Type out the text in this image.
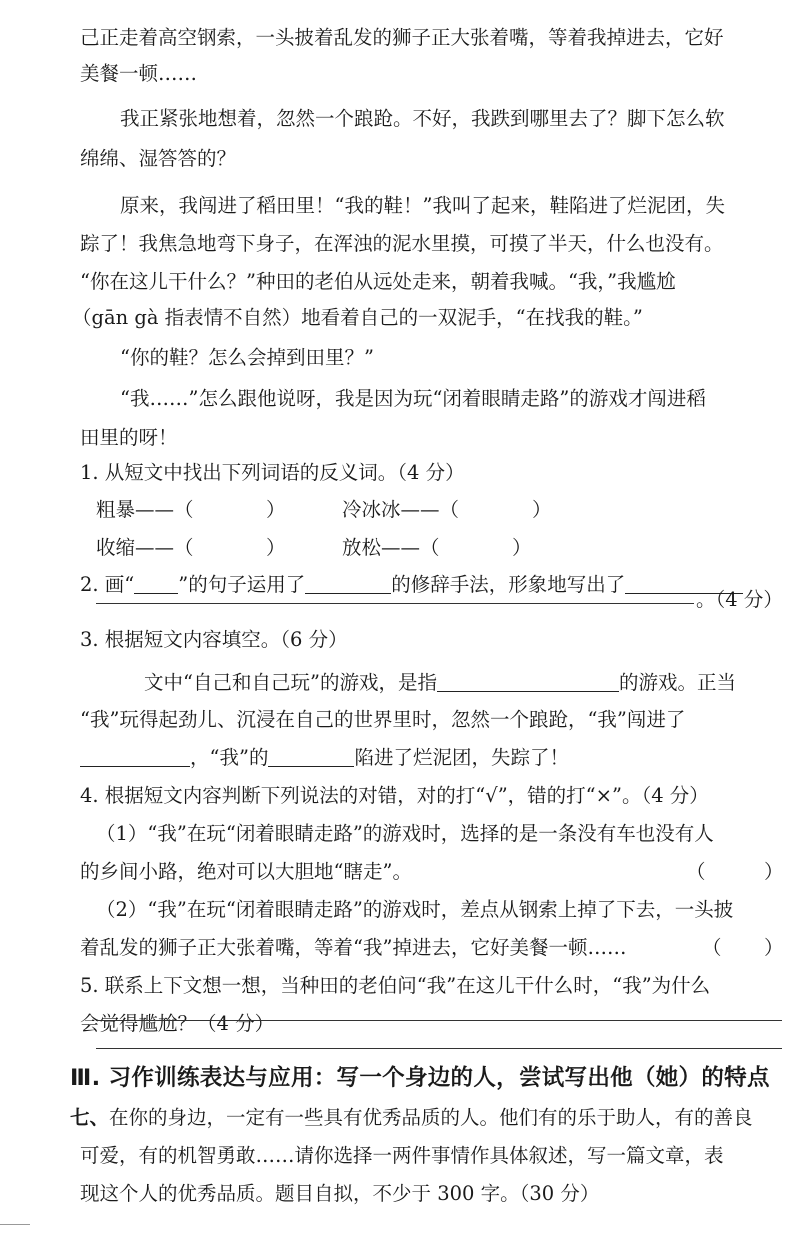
己正走着高空钢索，一头披着乱发的狮子正大张着嘴，等着我掉进去，它好
美餐一顿……
我正紧张地想着，忽然一个踉跄。不好，我跌到哪里去了？脚下怎么软
绵绵、湿答答的？
原来，我闯进了稻田里！“我的鞋！”我叫了起来，鞋陷进了烂泥团，失
踪了！我焦急地弯下身子，在浑浊的泥水里摸，可摸了半天，什么也没有。
“你在这儿干什么？”种田的老伯从远处走来，朝着我喊。“我，”我尴尬
（gān gà 指表情不自然）地看着自己的一双泥手，“在找我的鞋。”
“你的鞋？怎么会掉到田里？”
“我……”怎么跟他说呀，我是因为玩“闭着眼睛走路”的游戏才闯进稻
田里的呀！
1. 从短文中找出下列词语的反义词。（4 分）
粗暴——（	）	冷冰冰——（	）
收缩——（	）	放松——（	）
2. 画“ ”的句子运用了	的修辞手法，形象地写出了
。（4 分）
3. 根据短文内容填空。（6 分）
文中“自己和自己玩”的游戏，是指	的游戏。正当
“我”玩得起劲儿、沉浸在自己的世界里时，忽然一个踉跄，“我”闯进了
，“我”的	陷进了烂泥团，失踪了！
4. 根据短文内容判断下列说法的对错，对的打“√”，错的打“×”。（4 分）
（1）“我”在玩“闭着眼睛走路”的游戏时，选择的是一条没有车也没有人
的乡间小路，绝对可以大胆地“瞎走”。	（	）
（2）“我”在玩“闭着眼睛走路”的游戏时，差点从钢索上掉了下去，一头披
着乱发的狮子正大张着嘴，等着“我”掉进去，它好美餐一顿……	（ ）
5. 联系上下文想一想，当种田的老伯问“我”在这儿干什么时，“我”为什么
会觉得尴尬？（4 分）
Ⅲ. 习作训练表达与应用：写一个身边的人，尝试写出他（她）的特点
七、在你的身边，一定有一些具有优秀品质的人。他们有的乐于助人，有的善良
可爱，有的机智勇敢……请你选择一两件事情作具体叙述，写一篇文章，表
现这个人的优秀品质。题目自拟，不少于 300 字。（30 分）
